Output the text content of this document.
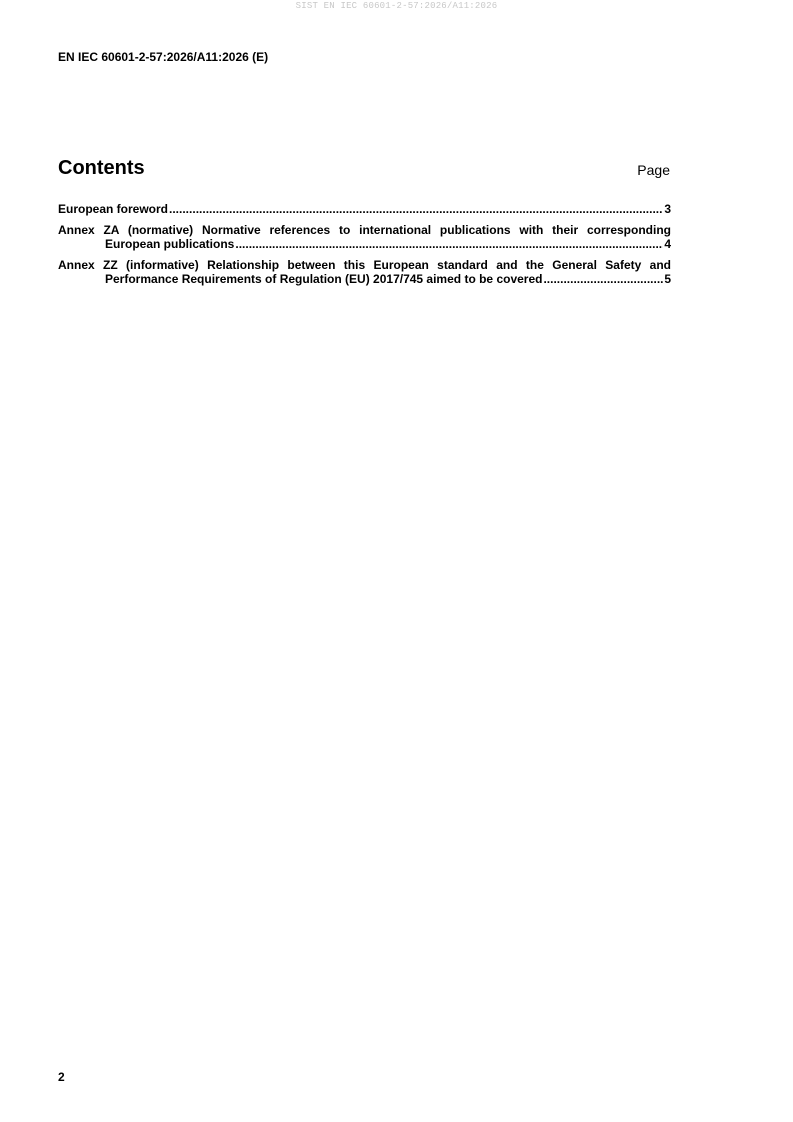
SIST EN IEC 60601-2-57:2026/A11:2026
EN IEC 60601-2-57:2026/A11:2026 (E)
Contents	Page
European foreword .....	3
Annex ZA (normative) Normative references to international publications with their corresponding
European publications .....	4
Annex ZZ (informative) Relationship between this European standard and the General Safety and
Performance Requirements of Regulation (EU) 2017/745 aimed to be covered .....	5
2
